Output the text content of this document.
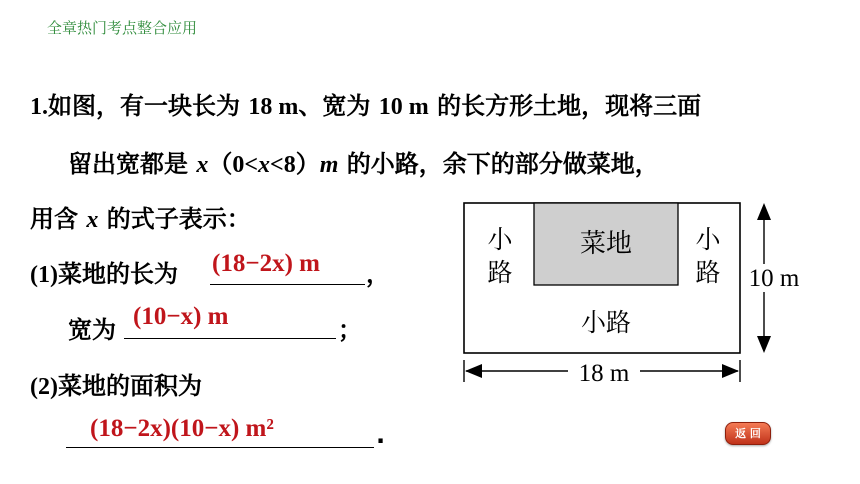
全章热门考点整合应用
1.如图，有一块长为 18 m、宽为 10 m 的长方形土地，现将三面
留出宽都是 x（0<x<8）m 的小路，余下的部分做菜地，
用含 x 的式子表示：
(1)菜地的长为 (18−2x) m ，
宽为 (10−x) m	；
(2)菜地的面积为
(18−2x)(10−x) m²	.
菜地
小
路
小
路
小路
10 m
18 m
返 回
